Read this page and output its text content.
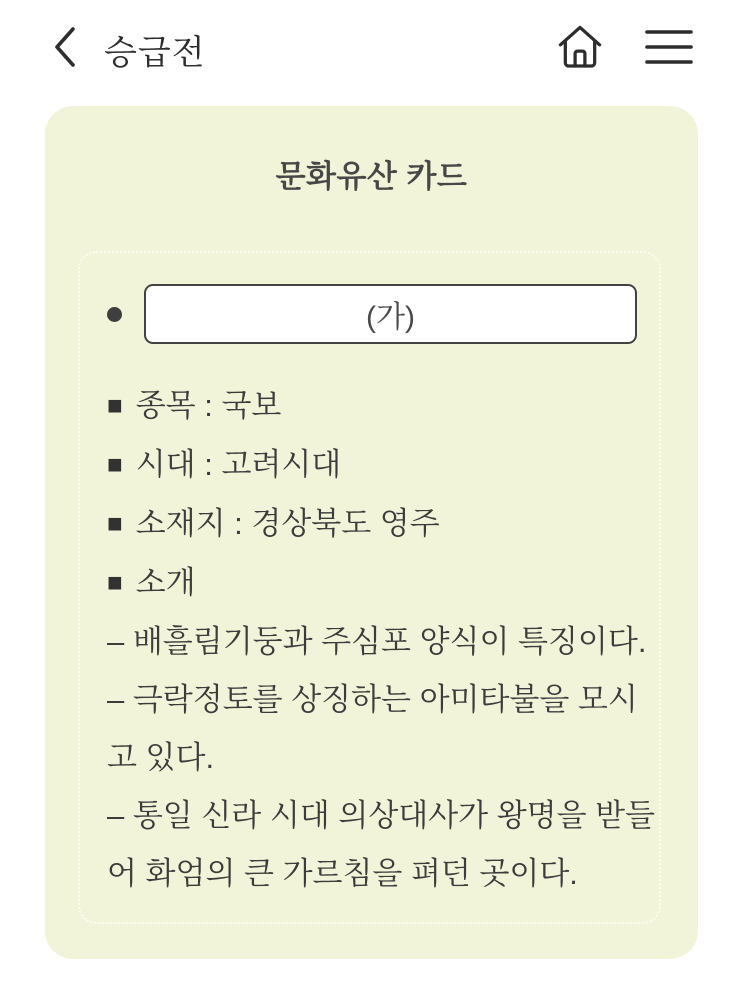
승급전
문화유산 카드
(가)
■ 종목 : 국보
■ 시대 : 고려시대
■ 소재지 : 경상북도 영주
■ 소개
– 배흘림기둥과 주심포 양식이 특징이다.
– 극락정토를 상징하는 아미타불을 모시
고 있다.
– 통일 신라 시대 의상대사가 왕명을 받들
어 화엄의 큰 가르침을 펴던 곳이다.
